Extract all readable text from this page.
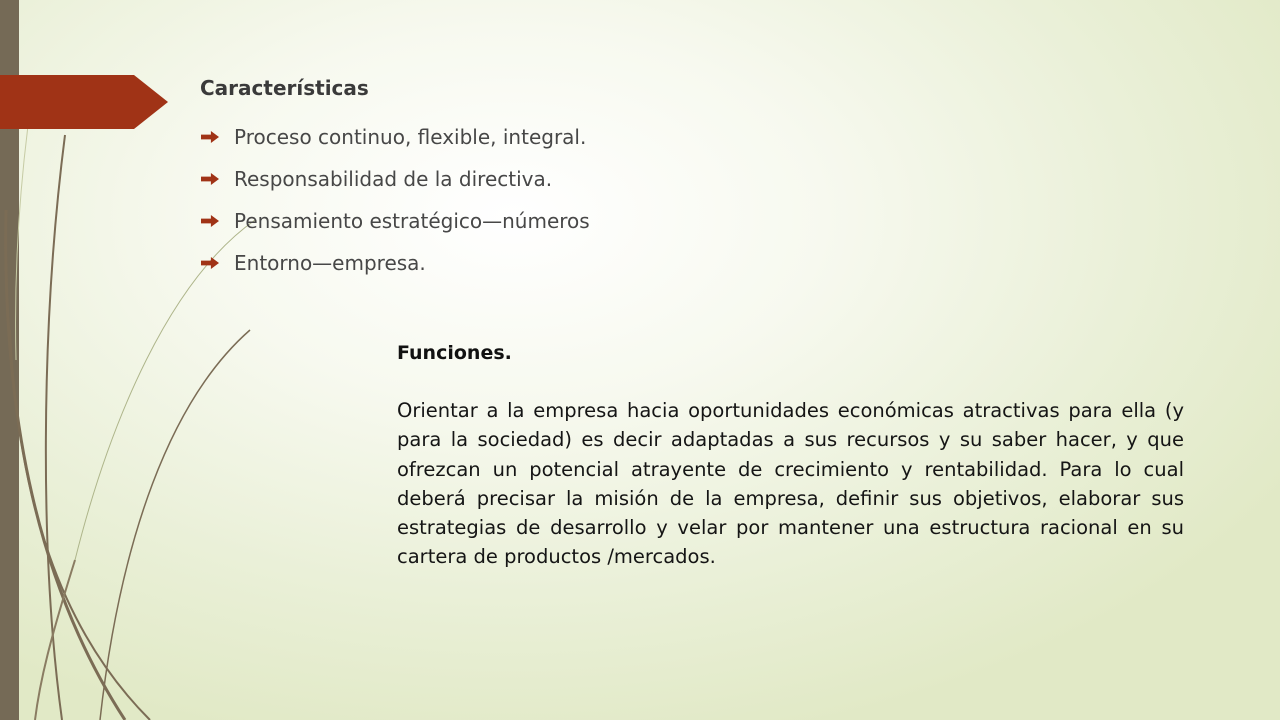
Características
Proceso continuo, flexible, integral.
Responsabilidad de la directiva.
Pensamiento estratégico—números
Entorno—empresa.
Funciones.

Orientar a la empresa hacia oportunidades económicas atractivas para ella (y para la sociedad) es decir adaptadas a sus recursos y su saber hacer, y que ofrezcan un potencial atrayente de crecimiento y rentabilidad. Para lo cual deberá precisar la misión de la empresa, definir sus objetivos, elaborar sus estrategias de desarrollo y velar por mantener una estructura racional en su cartera de productos /mercados.
